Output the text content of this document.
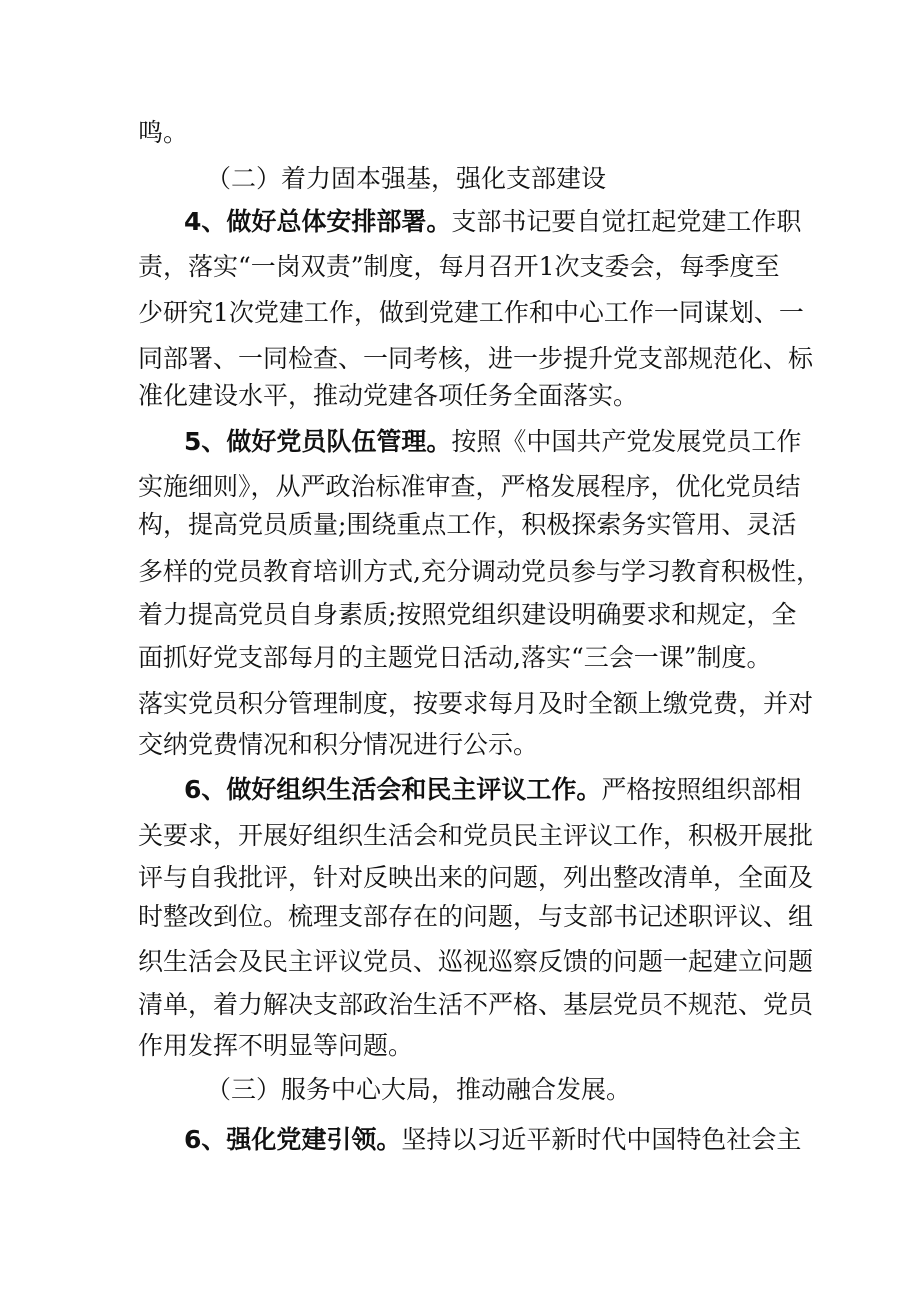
鸣。
（二）着力固本强基，强化支部建设
4、做好总体安排部署。支部书记要自觉扛起党建工作职
责，落实“一岗双责”制度，每月召开1次支委会，每季度至
少研究1次党建工作，做到党建工作和中心工作一同谋划、一
同部署、一同检查、一同考核，进一步提升党支部规范化、标
准化建设水平，推动党建各项任务全面落实。
5、做好党员队伍管理。按照《中国共产党发展党员工作
实施细则》，从严政治标准审查，严格发展程序，优化党员结
构，提高党员质量;围绕重点工作，积极探索务实管用、灵活
多样的党员教育培训方式,充分调动党员参与学习教育积极性，
着力提高党员自身素质;按照党组织建设明确要求和规定，全
面抓好党支部每月的主题党日活动,落实“三会一课”制度。
落实党员积分管理制度，按要求每月及时全额上缴党费，并对
交纳党费情况和积分情况进行公示。
6、做好组织生活会和民主评议工作。严格按照组织部相
关要求，开展好组织生活会和党员民主评议工作，积极开展批
评与自我批评，针对反映出来的问题，列出整改清单，全面及
时整改到位。梳理支部存在的问题，与支部书记述职评议、组
织生活会及民主评议党员、巡视巡察反馈的问题一起建立问题
清单，着力解决支部政治生活不严格、基层党员不规范、党员
作用发挥不明显等问题。
（三）服务中心大局，推动融合发展。
6、强化党建引领。坚持以习近平新时代中国特色社会主
